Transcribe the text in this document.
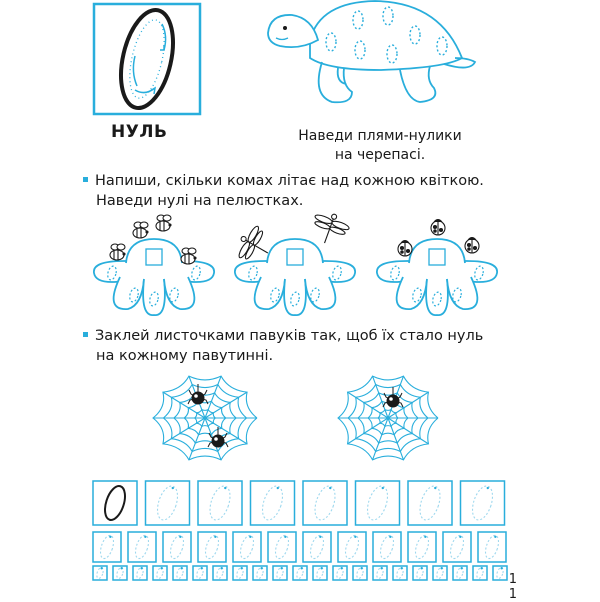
НУЛЬ	Наведи плями-нулики
на черепасі.
Напиши, скільки комах літає над кожною квіткою.
Наведи нулі на пелюстках.
Заклей листочками павуків так, щоб їх стало нуль
на кожному павутинні.
1
1
